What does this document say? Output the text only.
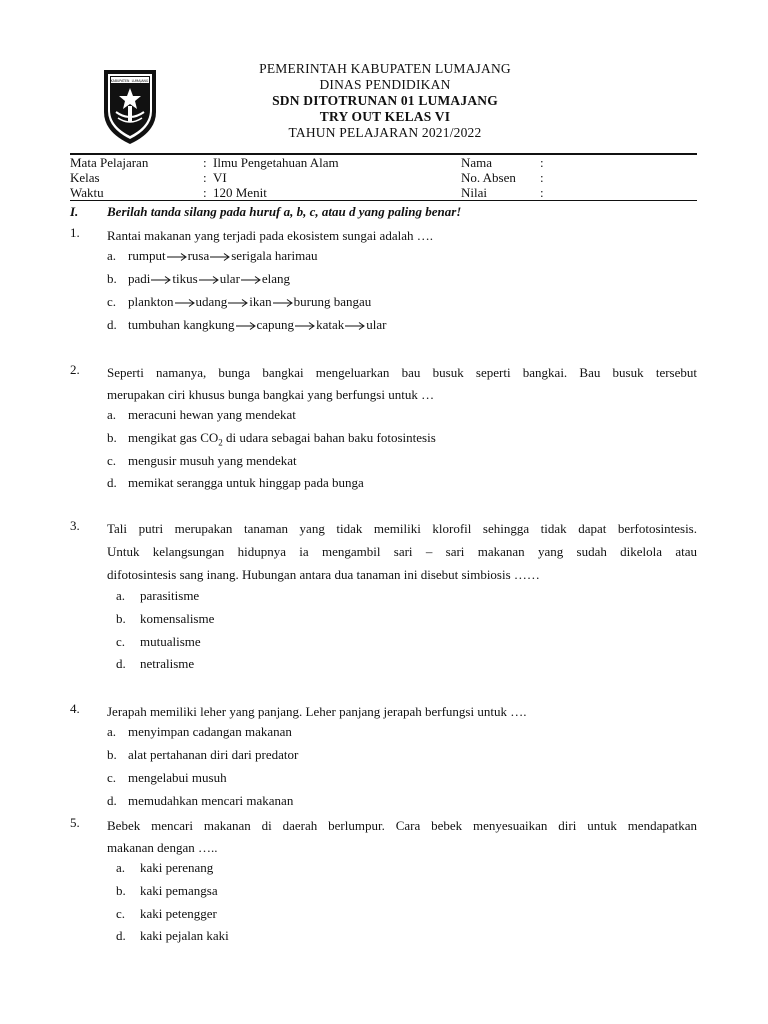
KABUPATEN LUMAJANG
PEMERINTAH KABUPATEN LUMAJANG
DINAS PENDIDIKAN
SDN DITOTRUNAN 01 LUMAJANG
TRY OUT KELAS VI
TAHUN PELAJARAN 2021/2022
Mata Pelajaran	: Ilmu Pengetahuan Alam	Nama	:
Kelas	: VI	No. Absen :
Waktu	: 120 Menit	Nilai	:
I. Berilah tanda silang pada huruf a, b, c, atau d yang paling benar!
1. Rantai makanan yang terjadi pada ekosistem sungai adalah ….
a. rumput rusa serigala harimau
b. padi tikus ular elang
c. plankton udang ikan burung bangau
d. tumbuhan kangkung capung katak ular
2. Seperti namanya, bunga bangkai mengeluarkan bau busuk seperti bangkai. Bau busuk tersebut
merupakan ciri khusus bunga bangkai yang berfungsi untuk …
a. meracuni hewan yang mendekat
b. mengikat gas $CO_2$ di udara sebagai bahan baku fotosintesis
c. mengusir musuh yang mendekat
d. memikat serangga untuk hinggap pada bunga
3. Tali putri merupakan tanaman yang tidak memiliki klorofil sehingga tidak dapat berfotosintesis.
Untuk kelangsungan hidupnya ia mengambil sari – sari makanan yang sudah dikelola atau
difotosintesis sang inang. Hubungan antara dua tanaman ini disebut simbiosis ……
a. parasitisme
b. komensalisme
c. mutualisme
d. netralisme
4. Jerapah memiliki leher yang panjang. Leher panjang jerapah berfungsi untuk ….
a. menyimpan cadangan makanan
b. alat pertahanan diri dari predator
c. mengelabui musuh
d. memudahkan mencari makanan
5. Bebek mencari makanan di daerah berlumpur. Cara bebek menyesuaikan diri untuk mendapatkan
makanan dengan …..
a. kaki perenang
b. kaki pemangsa
c. kaki petengger
d. kaki pejalan kaki
